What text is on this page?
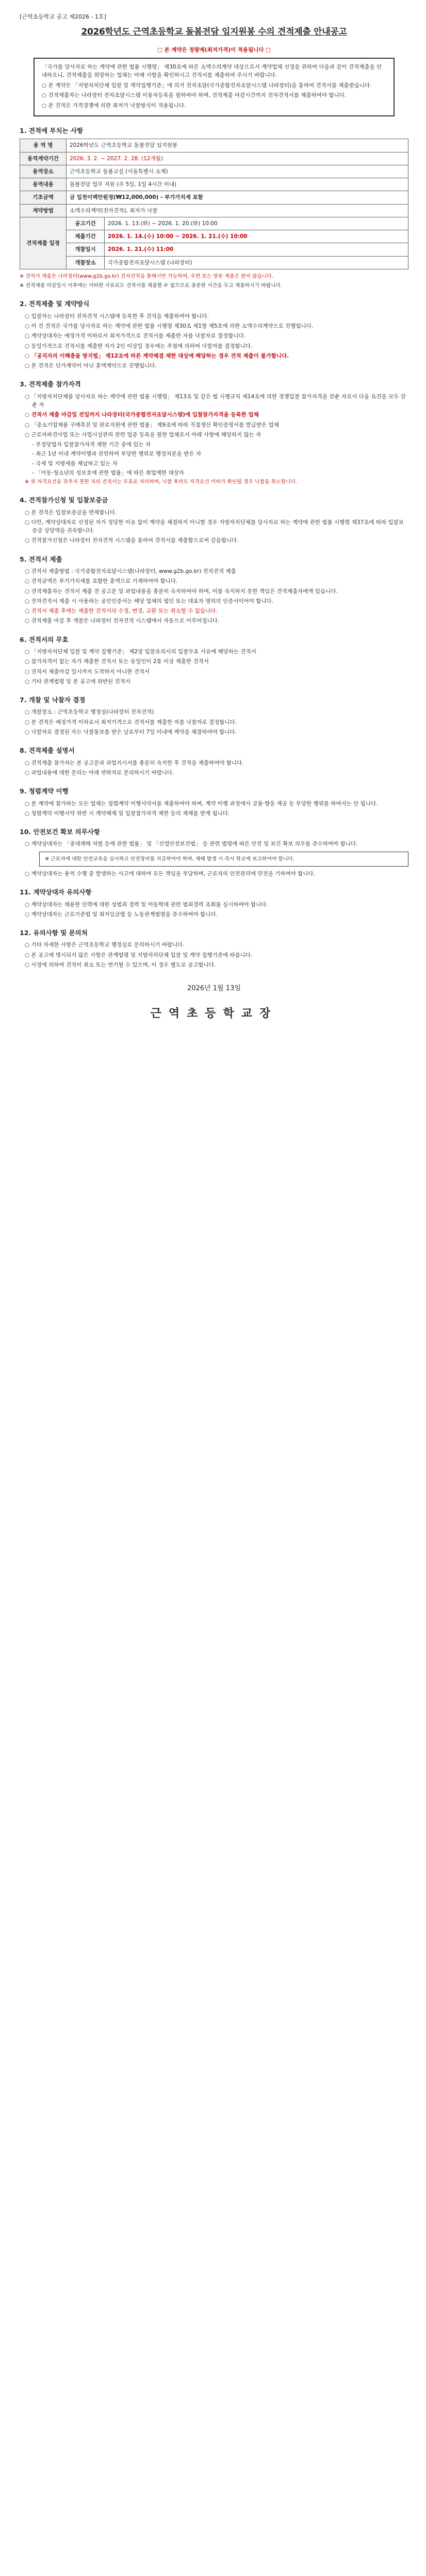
[근역초등학교 공고 제2026 - 1호]
2026학년도 근역초등학교 돌봄전담 임지원봉 수의 견적제출 안내공고
□ 본 계약은 정량제(최저가격)이 적용됩니다 □

「국가를 당사자로 하는 계약에 관한 법률 시행령」 제30조에 따른 소액수의계약 대상으로서 계약업체 선정을 위하여 다음과 같이 견적제출을 안내하오니, 견적제출을 희망하는 업체는 아래 사항을 확인하시고 견적서를 제출하여 주시기 바랍니다.

○ 본 계약은 「지방자치단체 입찰 및 계약집행기준」에 의거 전자조달(국가종합전자조달시스템 나라장터)을 통하여 견적서를 제출받습니다.
○ 견적제출자는 나라장터 전자조달시스템 이용자등록을 필하여야 하며, 견적제출 마감시간까지 전자견적서를 제출하여야 합니다.
○ 본 견적은 가격경쟁에 의한 최저가 낙찰방식이 적용됩니다.
1. 견적에 부치는 사항
용 역 명	2026학년도 근역초등학교 돌봄전담 임지원봉	
용역계약기간	2026. 3. 2. ~ 2027. 2. 28. (12개월)	
용역장소	근역초등학교 돌봄교실 (서울특별시 소재)	
용역내용	돌봄전담 업무 지원 (주 5일, 1일 4시간 이내)	
기초금액	금 일천이백만원정(₩12,000,000) - 부가가치세 포함	
계약방법	소액수의계약(전자견적), 최저가 낙찰	
견적제출 일정	공고기간	2026. 1. 13.(화) ~ 2026. 1. 20.(화) 10:00
	제출기간	2026. 1. 14.(수) 10:00 ~ 2026. 1. 21.(수) 10:00
	개찰일시	2026. 1. 21.(수) 11:00
	개찰장소	국가종합전자조달시스템 (나라장터)
※ 견적서 제출은 나라장터(www.g2b.go.kr) 전자견적을 통해서만 가능하며, 우편 또는 방문 제출은 받지 않습니다.
※ 견적제출 마감일시 이후에는 어떠한 사유로도 견적서를 제출할 수 없으므로 충분한 시간을 두고 제출하시기 바랍니다.
2. 견적제출 및 계약방식
○ 입찰자는 나라장터 전자견적 시스템에 등록한 후 견적을 제출하여야 합니다.
○ 이 건 견적은 국가를 당사자로 하는 계약에 관한 법률 시행령 제30조 제1항 제5호에 의한 소액수의계약으로 진행됩니다.
○ 계약상대자는 예정가격 이하로서 최저가격으로 견적서를 제출한 자를 낙찰자로 결정합니다.
○ 동일가격으로 견적서를 제출한 자가 2인 이상일 경우에는 추첨에 의하여 낙찰자를 결정합니다.
○ 「공직자의 이해충돌 방지법」 제12조에 따른 계약체결 제한 대상에 해당하는 경우 견적 제출이 불가합니다.
○ 본 견적은 단가계약이 아닌 총액계약으로 진행됩니다.
3. 견적제출 참가자격
○ 「지방자치단체를 당사자로 하는 계약에 관한 법률 시행령」 제13조 및 같은 법 시행규칙 제14조에 의한 경쟁입찰 참가자격을 갖춘 자로서 다음 요건을 모두 갖춘 자
○ 견적서 제출 마감일 전일까지 나라장터(국가종합전자조달시스템)에 입찰참가자격을 등록한 업체
○ 「중소기업제품 구매촉진 및 판로지원에 관한 법률」 제9조에 따라 직접생산 확인증명서를 발급받은 업체
○ 근로자파견사업 또는 사업시설관리 관련 업종 등록을 필한 업체로서 아래 사항에 해당하지 않는 자
- 부정당업자 입찰참가자격 제한 기간 중에 있는 자
- 최근 1년 이내 계약이행과 관련하여 부당한 행위로 행정처분을 받은 자
- 국세 및 지방세를 체납하고 있는 자
- 「아동·청소년의 성보호에 관한 법률」에 따른 취업제한 대상자
※ 위 자격요건을 갖추지 못한 자의 견적서는 무효로 처리하며, 낙찰 후라도 자격요건 미비가 확인될 경우 낙찰을 취소합니다.
4. 견적참가신청 및 입찰보증금
○ 본 견적은 입찰보증금을 면제합니다.
○ 다만, 계약상대자로 선정된 자가 정당한 이유 없이 계약을 체결하지 아니할 경우 지방자치단체를 당사자로 하는 계약에 관한 법률 시행령 제37조에 따라 입찰보증금 상당액을 귀속합니다.
○ 견적참가신청은 나라장터 전자견적 시스템을 통하여 견적서를 제출함으로써 갈음합니다.
5. 견적서 제출
○ 견적서 제출방법 : 국가종합전자조달시스템(나라장터, www.g2b.go.kr) 전자견적 제출
○ 견적금액은 부가가치세를 포함한 총액으로 기재하여야 합니다.
○ 견적제출자는 견적서 제출 전 공고문 및 과업내용을 충분히 숙지하여야 하며, 이를 숙지하지 못한 책임은 견적제출자에게 있습니다.
○ 전자견적서 제출 시 사용하는 공인인증서는 해당 업체의 법인 또는 대표자 명의의 인증서이어야 합니다.
○ 견적서 제출 후에는 제출한 견적서의 수정, 변경, 교환 또는 취소할 수 없습니다.
○ 견적제출 마감 후 개찰은 나라장터 전자견적 시스템에서 자동으로 이루어집니다.
6. 견적서의 무효
○ 「지방자치단체 입찰 및 계약 집행기준」 제2장 입찰유의서의 입찰무효 사유에 해당하는 견적서
○ 참가자격이 없는 자가 제출한 견적서 또는 동일인이 2통 이상 제출한 견적서
○ 견적서 제출마감 일시까지 도착하지 아니한 견적서
○ 기타 관계법령 및 본 공고에 위반된 견적서
7. 개찰 및 낙찰자 결정
○ 개찰장소 : 근역초등학교 행정실(나라장터 전자견적)
○ 본 견적은 예정가격 이하로서 최저가격으로 견적서를 제출한 자를 낙찰자로 결정합니다.
○ 낙찰자로 결정된 자는 낙찰통보를 받은 날로부터 7일 이내에 계약을 체결하여야 합니다.
8. 견적제출 설명서
○ 견적제출 참가자는 본 공고문과 과업지시서를 충분히 숙지한 후 견적을 제출하여야 합니다.
○ 과업내용에 대한 문의는 아래 연락처로 문의하시기 바랍니다.
9. 청렴계약 이행
○ 본 계약에 참가하는 모든 업체는 청렴계약 이행서약서를 제출하여야 하며, 계약 이행 과정에서 금품·향응 제공 등 부당한 행위를 하여서는 안 됩니다.
○ 청렴계약 이행서약 위반 시 계약해제 및 입찰참가자격 제한 등의 제재를 받게 됩니다.
10. 안전보건 확보 의무사항
○ 계약상대자는 「중대재해 처벌 등에 관한 법률」 및 「산업안전보건법」 등 관련 법령에 따른 안전 및 보건 확보 의무를 준수하여야 합니다.
※ 근로자에 대한 안전교육을 실시하고 안전장비를 지급하여야 하며, 재해 발생 시 즉시 학교에 보고하여야 합니다.
○ 계약상대자는 용역 수행 중 발생하는 사고에 대하여 모든 책임을 부담하며, 근로자의 안전관리에 만전을 기하여야 합니다.
11. 계약상대자 유의사항
○ 계약상대자는 채용한 인력에 대한 성범죄 경력 및 아동학대 관련 범죄경력 조회를 실시하여야 합니다.
○ 계약상대자는 근로기준법 및 최저임금법 등 노동관계법령을 준수하여야 합니다.
12. 유의사항 및 문의처
○ 기타 자세한 사항은 근역초등학교 행정실로 문의하시기 바랍니다.
○ 본 공고에 명시되지 않은 사항은 관계법령 및 지방자치단체 입찰 및 계약 집행기준에 따릅니다.
○ 사정에 의하여 견적이 취소 또는 연기될 수 있으며, 이 경우 별도로 공고합니다.
2026년 1월 13일
근역초등학교장
